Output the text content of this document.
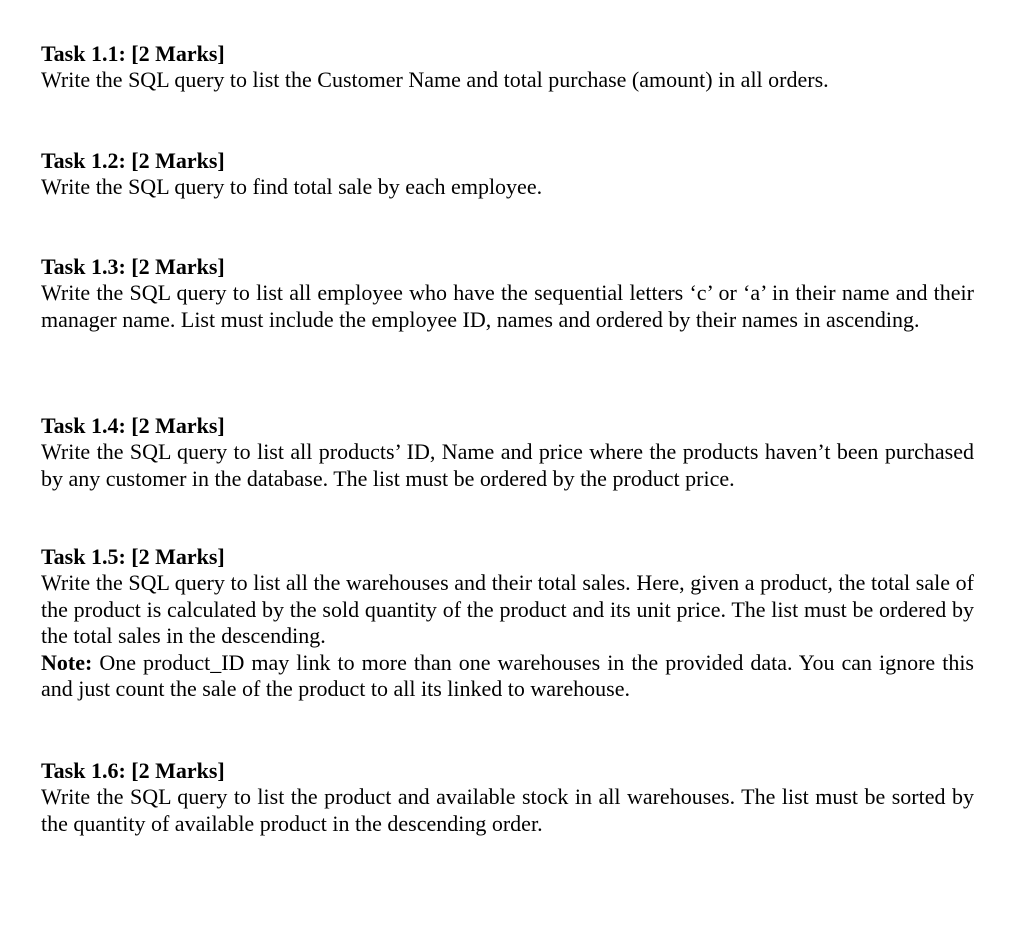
Task 1.1: [2 Marks]

Write the SQL query to list the Customer Name and total purchase (amount) in all orders.

Task 1.2: [2 Marks]

Write the SQL query to find total sale by each employee.

Task 1.3: [2 Marks]

Write the SQL query to list all employee who have the sequential letters ‘c’ or ‘a’ in their name and their manager name. List must include the employee ID, names and ordered by their names in ascending.

Task 1.4: [2 Marks]

Write the SQL query to list all products’ ID, Name and price where the products haven’t been purchased by any customer in the database. The list must be ordered by the product price.

Task 1.5: [2 Marks]

Write the SQL query to list all the warehouses and their total sales. Here, given a product, the total sale of the product is calculated by the sold quantity of the product and its unit price. The list must be ordered by the total sales in the descending.

Note: One product_ID may link to more than one warehouses in the provided data. You can ignore this and just count the sale of the product to all its linked to warehouse.

Task 1.6: [2 Marks]

Write the SQL query to list the product and available stock in all warehouses. The list must be sorted by the quantity of available product in the descending order.
